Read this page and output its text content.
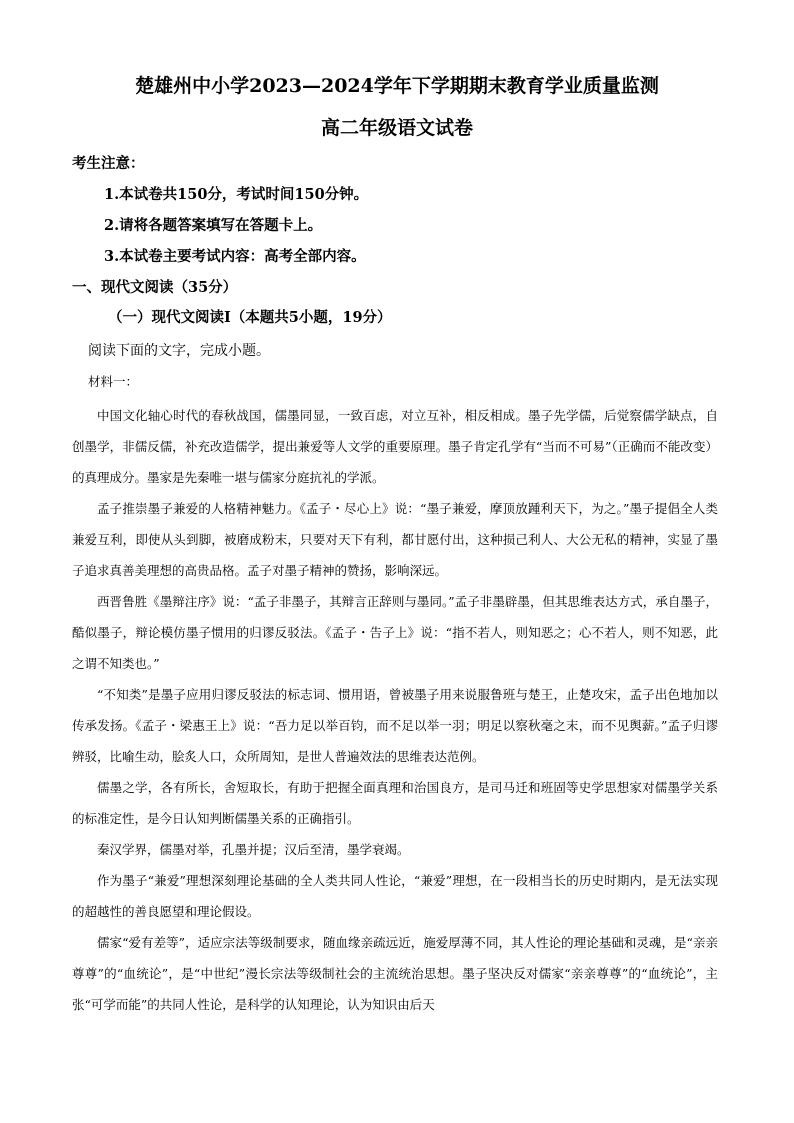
楚雄州中小学2023—2024学年下学期期末教育学业质量监测
高二年级语文试卷
考生注意：
1.本试卷共150分，考试时间150分钟。
2.请将各题答案填写在答题卡上。
3.本试卷主要考试内容：高考全部内容。
一、现代文阅读（35分）
（一）现代文阅读Ⅰ（本题共5小题，19分）
阅读下面的文字，完成小题。
材料一：

中国文化轴心时代的春秋战国，儒墨同显，一致百虑，对立互补，相反相成。墨子先学儒，后觉察儒学缺点，自创墨学，非儒反儒，补充改造儒学，提出兼爱等人文学的重要原理。墨子肯定孔学有“当而不可易”（正确而不能改变）的真理成分。墨家是先秦唯一堪与儒家分庭抗礼的学派。

孟子推崇墨子兼爱的人格精神魅力。《孟子・尽心上》说：“墨子兼爱，摩顶放踵利天下，为之。”墨子提倡全人类兼爱互利，即使从头到脚，被磨成粉末，只要对天下有利，都甘愿付出，这种损己利人、大公无私的精神，实显了墨子追求真善美理想的高贵品格。孟子对墨子精神的赞扬，影响深远。

西晋鲁胜《墨辩注序》说：“孟子非墨子，其辩言正辞则与墨同。”孟子非墨辟墨，但其思维表达方式，承自墨子，酷似墨子，辩论模仿墨子惯用的归谬反驳法。《孟子・告子上》说：“指不若人，则知恶之；心不若人，则不知恶，此之谓不知类也。”

“不知类”是墨子应用归谬反驳法的标志词、惯用语，曾被墨子用来说服鲁班与楚王，止楚攻宋，孟子出色地加以传承发扬。《孟子・梁惠王上》说：“吾力足以举百钧，而不足以举一羽；明足以察秋毫之末，而不见舆薪。”孟子归谬辨驳，比喻生动，脍炙人口，众所周知，是世人普遍效法的思维表达范例。

儒墨之学，各有所长，舍短取长，有助于把握全面真理和治国良方，是司马迁和班固等史学思想家对儒墨学关系的标准定性，是今日认知判断儒墨关系的正确指引。

秦汉学界，儒墨对举，孔墨并提；汉后至清，墨学衰竭。

作为墨子“兼爱”理想深刻理论基础的全人类共同人性论，“兼爱”理想，在一段相当长的历史时期内，是无法实现的超越性的善良愿望和理论假设。

儒家“爱有差等”，适应宗法等级制要求，随血缘亲疏远近，施爱厚薄不同，其人性论的理论基础和灵魂，是“亲亲尊尊”的“血统论”，是“中世纪”漫长宗法等级制社会的主流统治思想。墨子坚决反对儒家“亲亲尊尊”的“血统论”，主张“可学而能”的共同人性论，是科学的认知理论，认为知识由后天
